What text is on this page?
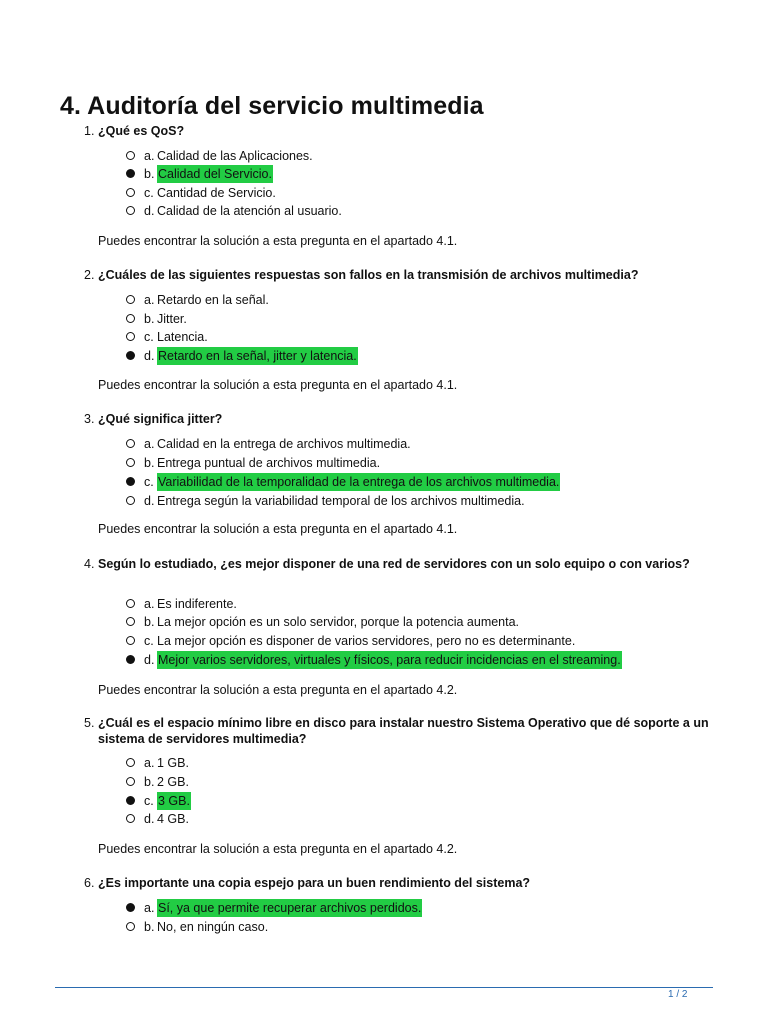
4. Auditoría del servicio multimedia
1. ¿Qué es QoS?
a. Calidad de las Aplicaciones.
b. Calidad del Servicio.
c. Cantidad de Servicio.
d. Calidad de la atención al usuario.
Puedes encontrar la solución a esta pregunta en el apartado 4.1.
2. ¿Cuáles de las siguientes respuestas son fallos en la transmisión de archivos multimedia?
a. Retardo en la señal.
b. Jitter.
c. Latencia.
d. Retardo en la señal, jitter y latencia.
Puedes encontrar la solución a esta pregunta en el apartado 4.1.
3. ¿Qué significa jitter?
a. Calidad en la entrega de archivos multimedia.
b. Entrega puntual de archivos multimedia.
c. Variabilidad de la temporalidad de la entrega de los archivos multimedia.
d. Entrega según la variabilidad temporal de los archivos multimedia.
Puedes encontrar la solución a esta pregunta en el apartado 4.1.
4. Según lo estudiado, ¿es mejor disponer de una red de servidores con un solo equipo o con varios?
a. Es indiferente.
b. La mejor opción es un solo servidor, porque la potencia aumenta.
c. La mejor opción es disponer de varios servidores, pero no es determinante.
d. Mejor varios servidores, virtuales y físicos, para reducir incidencias en el streaming.
Puedes encontrar la solución a esta pregunta en el apartado 4.2.
5. ¿Cuál es el espacio mínimo libre en disco para instalar nuestro Sistema Operativo que dé soporte a un sistema de servidores multimedia?
a. 1 GB.
b. 2 GB.
c. 3 GB.
d. 4 GB.
Puedes encontrar la solución a esta pregunta en el apartado 4.2.
6. ¿Es importante una copia espejo para un buen rendimiento del sistema?
a. Sí, ya que permite recuperar archivos perdidos.
b. No, en ningún caso.
1 / 2
